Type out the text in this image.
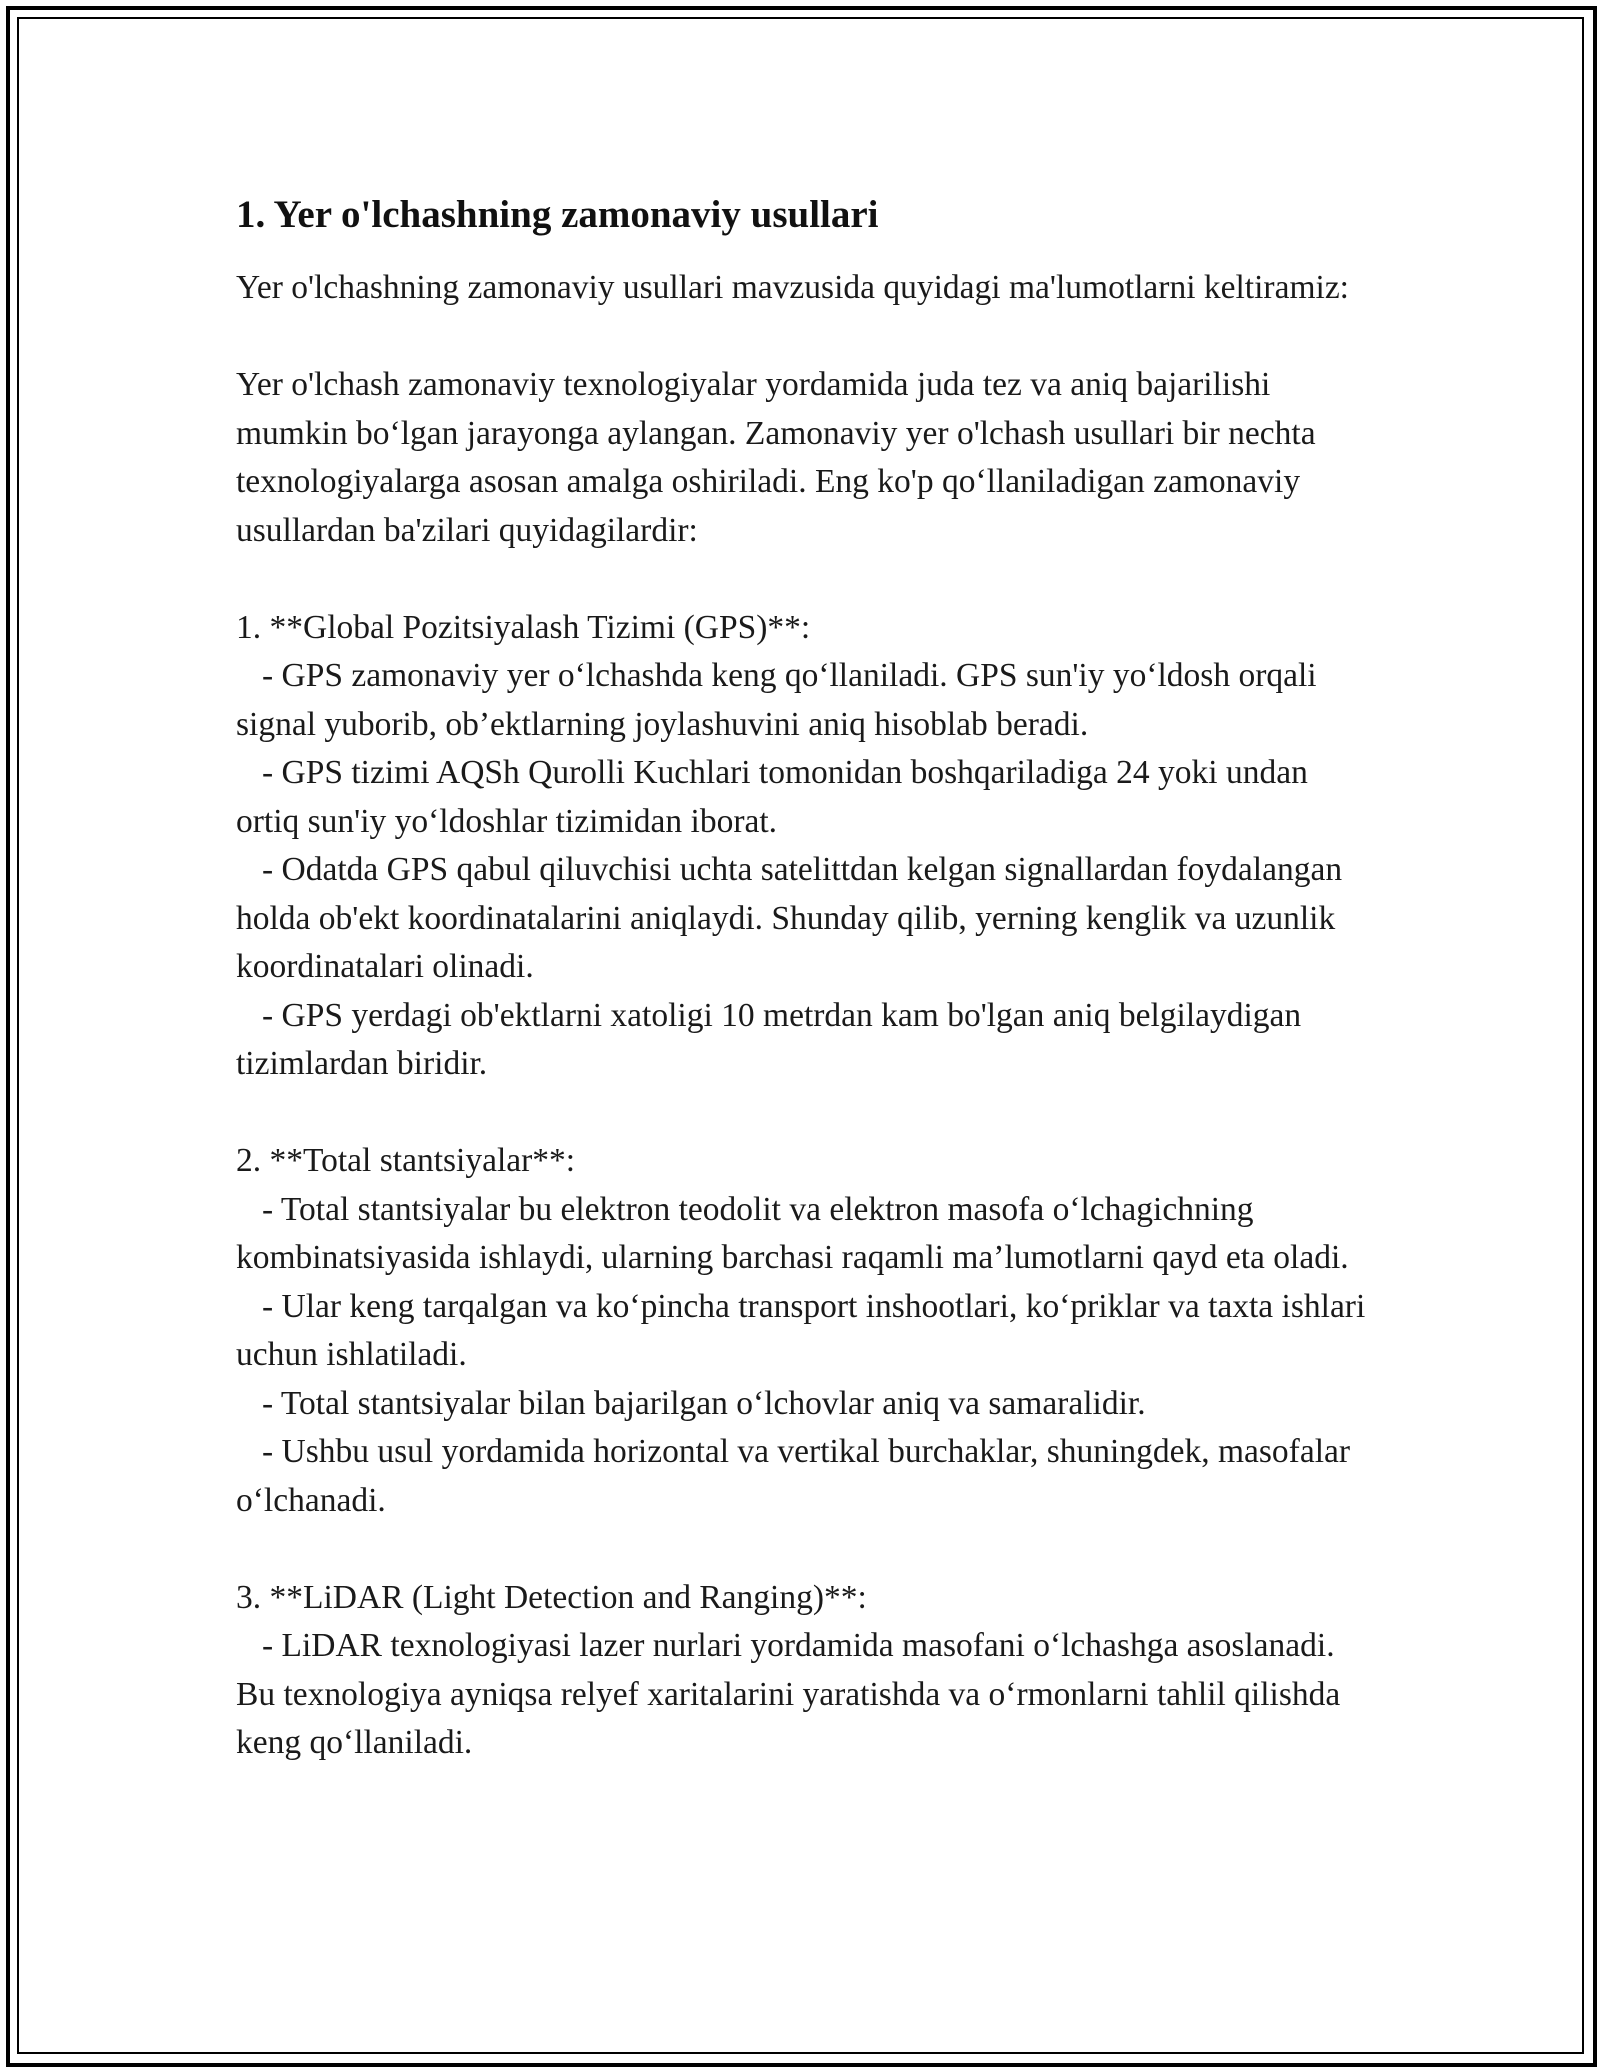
1. Yer o'lchashning zamonaviy usullari

Yer o'lchashning zamonaviy usullari mavzusida quyidagi ma'lumotlarni keltiramiz:

Yer o'lchash zamonaviy texnologiyalar yordamida juda tez va aniq bajarilishi mumkin bo‘lgan jarayonga aylangan. Zamonaviy yer o'lchash usullari bir nechta texnologiyalarga asosan amalga oshiriladi. Eng ko'p qo‘llaniladigan zamonaviy usullardan ba'zilari quyidagilardir:

1. **Global Pozitsiyalash Tizimi (GPS)**:

- GPS zamonaviy yer o‘lchashda keng qo‘llaniladi. GPS sun'iy yo‘ldosh orqali signal yuborib, ob’ektlarning joylashuvini aniq hisoblab beradi.

- GPS tizimi AQSh Qurolli Kuchlari tomonidan boshqariladiga 24 yoki undan ortiq sun'iy yo‘ldoshlar tizimidan iborat.

- Odatda GPS qabul qiluvchisi uchta satelittdan kelgan signallardan foydalangan holda ob'ekt koordinatalarini aniqlaydi. Shunday qilib, yerning kenglik va uzunlik koordinatalari olinadi.

- GPS yerdagi ob'ektlarni xatoligi 10 metrdan kam bo'lgan aniq belgilaydigan tizimlardan biridir.

2. **Total stantsiyalar**:

- Total stantsiyalar bu elektron teodolit va elektron masofa o‘lchagichning kombinatsiyasida ishlaydi, ularning barchasi raqamli ma’lumotlarni qayd eta oladi.

- Ular keng tarqalgan va ko‘pincha transport inshootlari, ko‘priklar va taxta ishlari uchun ishlatiladi.

- Total stantsiyalar bilan bajarilgan o‘lchovlar aniq va samaralidir.

- Ushbu usul yordamida horizontal va vertikal burchaklar, shuningdek, masofalar o‘lchanadi.

3. **LiDAR (Light Detection and Ranging)**:

- LiDAR texnologiyasi lazer nurlari yordamida masofani o‘lchashga asoslanadi. Bu texnologiya ayniqsa relyef xaritalarini yaratishda va o‘rmonlarni tahlil qilishda keng qo‘llaniladi.
